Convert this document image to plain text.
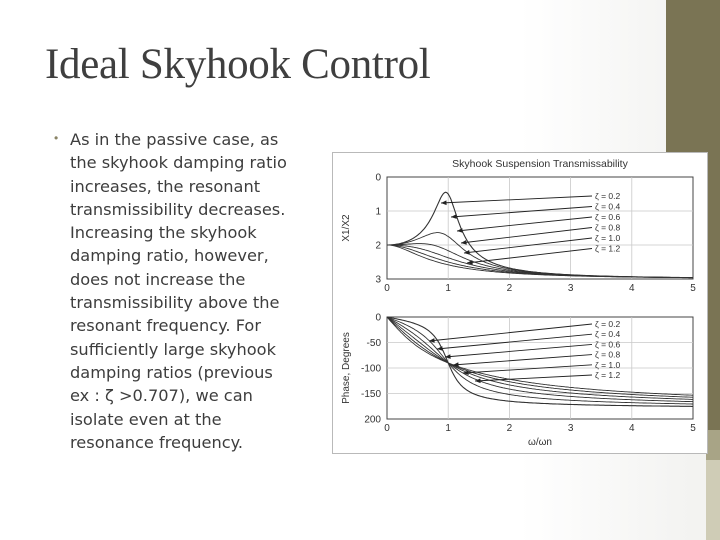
Ideal Skyhook Control
• As in the passive case, as
the skyhook damping ratio
increases, the resonant
transmissibility decreases.
Increasing the skyhook
damping ratio, however,
does not increase the
transmissibility above the
resonant frequency. For
sufficiently large skyhook
damping ratios (previous
ex : ζ >0.707), we can
isolate even at the
resonance frequency.
Skyhook Suspension Transmissability
0	1	2	3	4	5
0
1
2
3
X1/X2
ζ = 0.2
ζ = 0.4
ζ = 0.6
ζ = 0.8
ζ = 1.0
ζ = 1.2
0	1	2	3	4	5
0
-50
-100
-150
200
Phase, Degrees
ω/ωn
ζ = 0.2
ζ = 0.4
ζ = 0.6
ζ = 0.8
ζ = 1.0
ζ = 1.2
